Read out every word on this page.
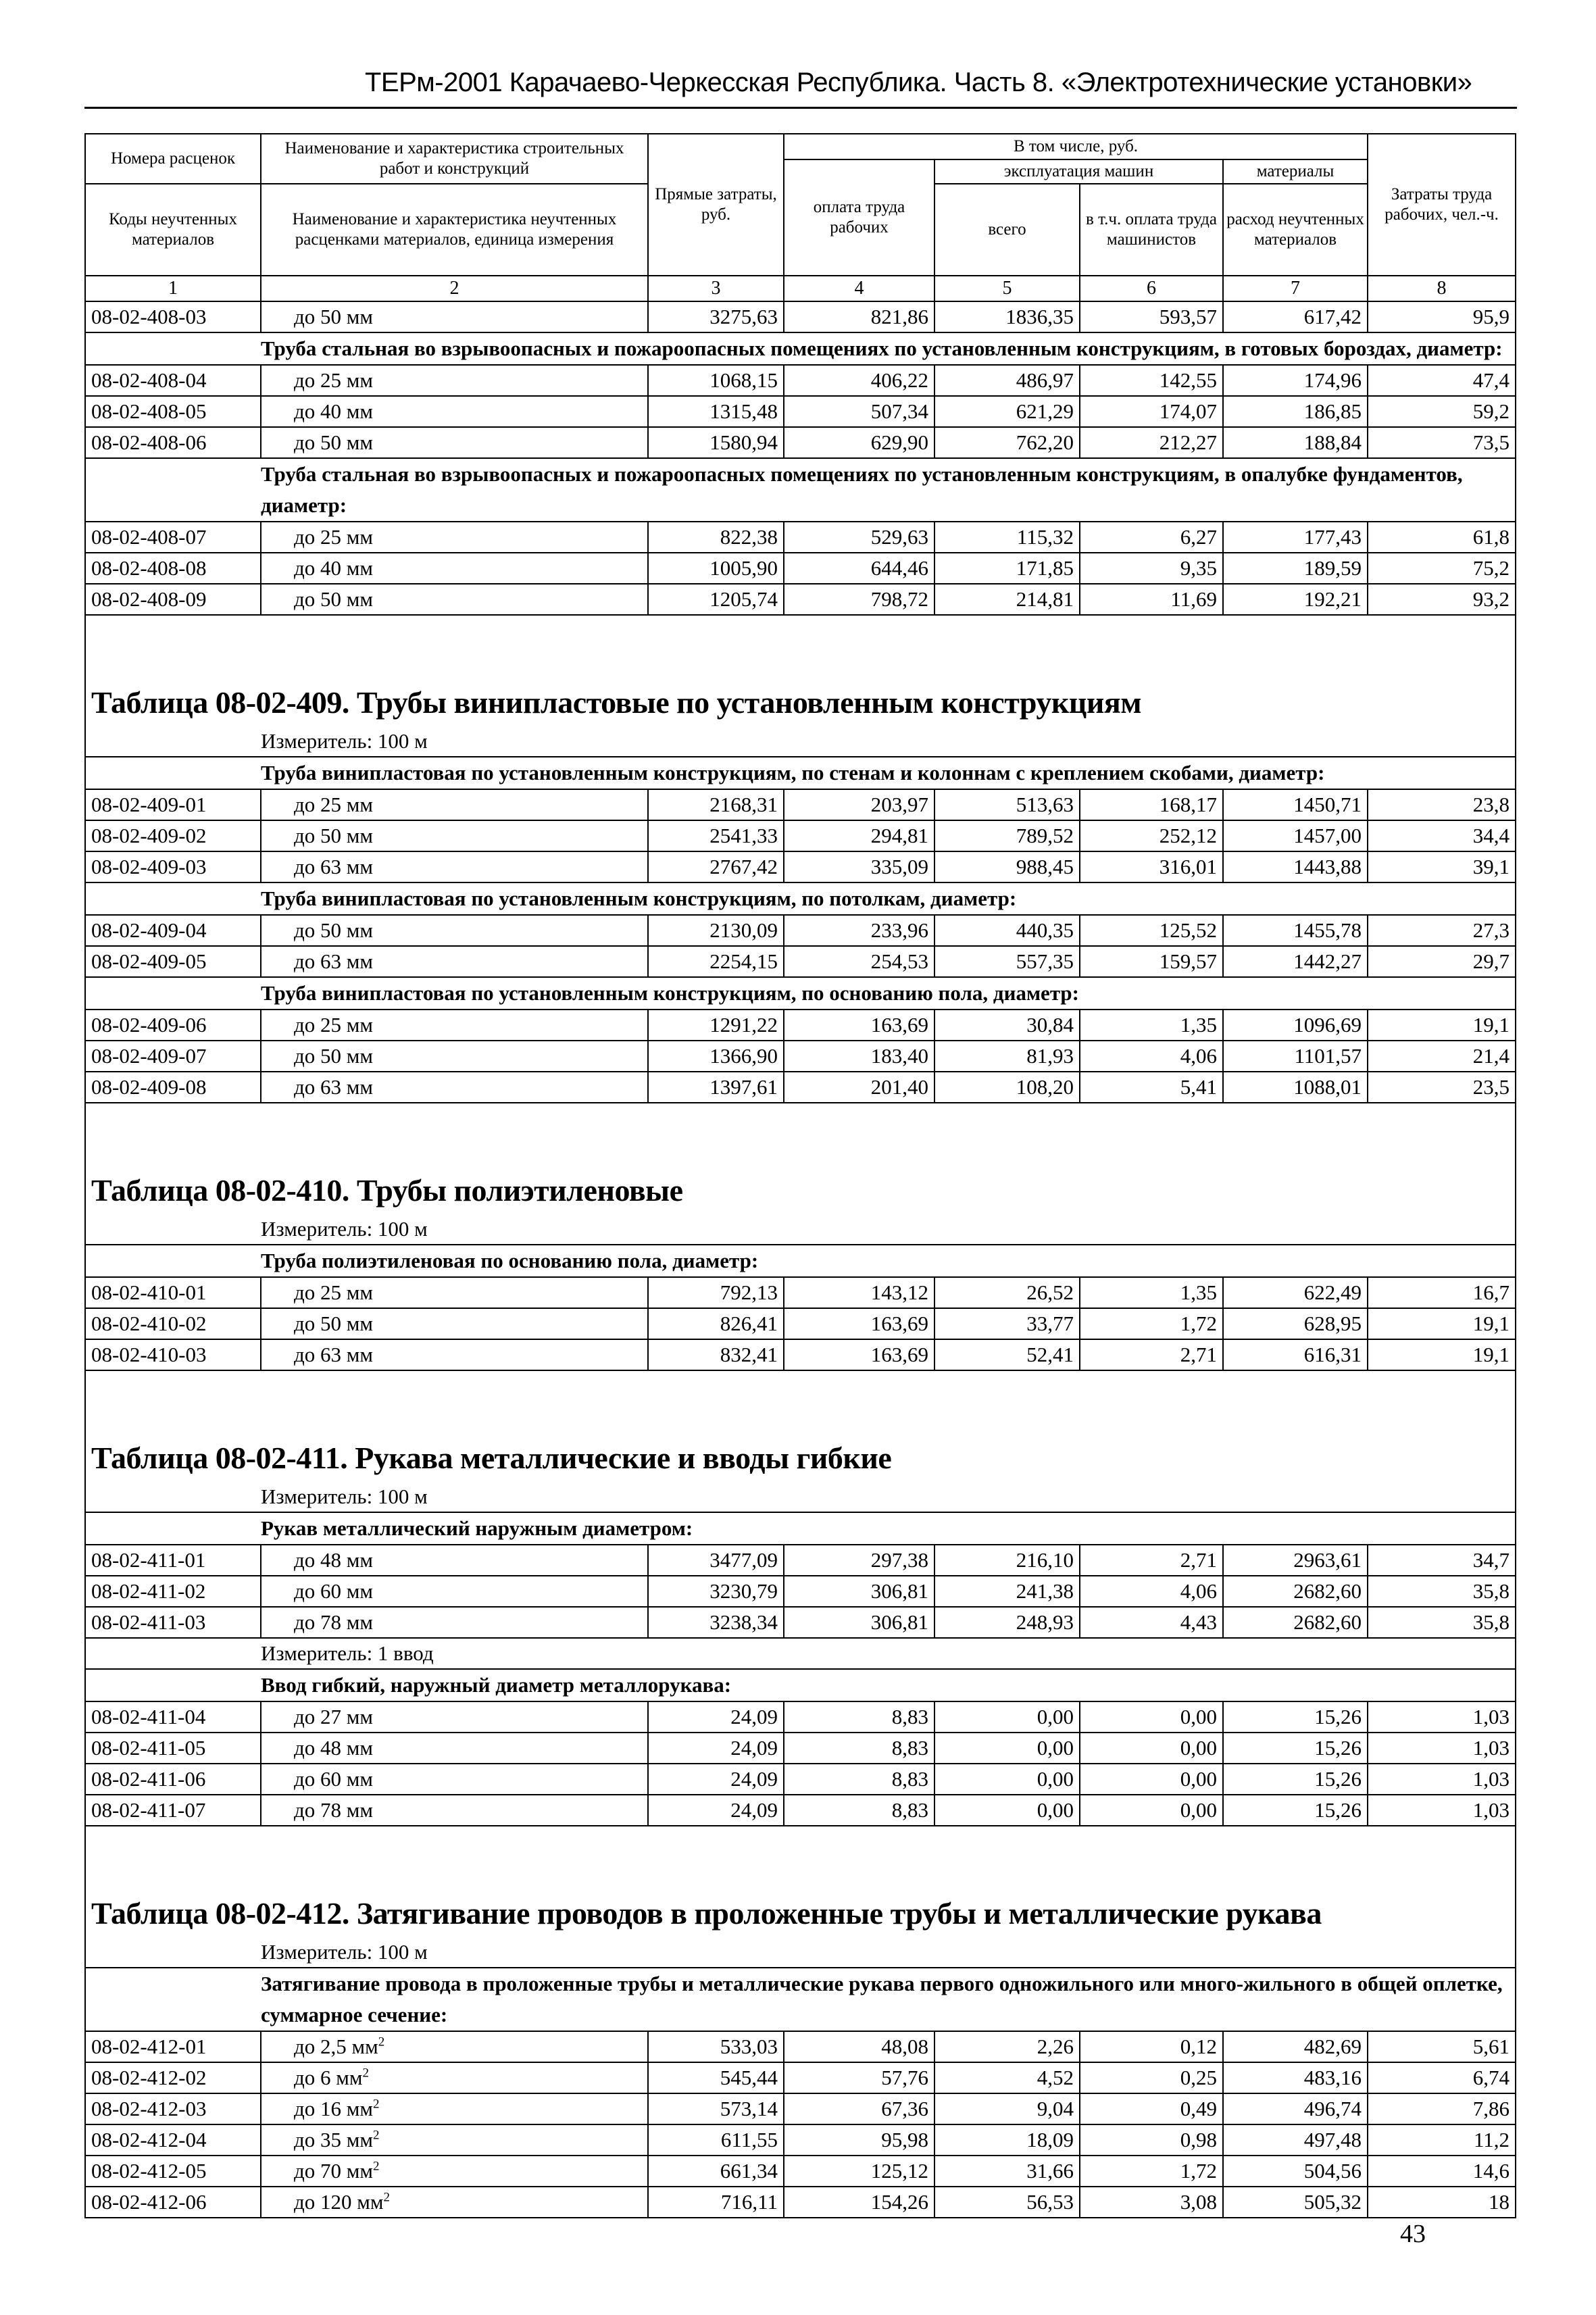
ТЕРм-2001 Карачаево-Черкесская Республика. Часть 8. «Электротехнические установки»
Номера расценок	Наименование и характеристика строительных работ и конструкций	Прямые затраты, руб.	В том числе, руб.				Затраты труда рабочих, чел.-ч.
			оплата труда рабочих	эксплуатация машин		материалы	
Коды неучтенных материалов	Наименование и характеристика неучтенных расценками материалов, единица измерения			всего	в т.ч. оплата труда машинистов	расход неучтенных материалов	

1	2	3	4	5	6	7	8
08-02-408-03	до 50 мм	3275,63	821,86	1836,35	593,57	617,42	95,9
	Труба стальная во взрывоопасных и пожароопасных помещениях по установленным конструкциям, в готовых бороздах, диаметр:						
08-02-408-04	до 25 мм	1068,15	406,22	486,97	142,55	174,96	47,4
08-02-408-05	до 40 мм	1315,48	507,34	621,29	174,07	186,85	59,2
08-02-408-06	до 50 мм	1580,94	629,90	762,20	212,27	188,84	73,5
	Труба стальная во взрывоопасных и пожароопасных помещениях по установленным конструкциям, в опалубке фундаментов, диаметр:						
08-02-408-07	до 25 мм	822,38	529,63	115,32	6,27	177,43	61,8
08-02-408-08	до 40 мм	1005,90	644,46	171,85	9,35	189,59	75,2
08-02-408-09	до 50 мм	1205,74	798,72	214,81	11,69	192,21	93,2
Таблица 08-02-409. Трубы винипластовые по установленным конструкциям							
	Измеритель: 100 м						
	Труба винипластовая по установленным конструкциям, по стенам и колоннам с креплением скобами, диаметр:						
08-02-409-01	до 25 мм	2168,31	203,97	513,63	168,17	1450,71	23,8
08-02-409-02	до 50 мм	2541,33	294,81	789,52	252,12	1457,00	34,4
08-02-409-03	до 63 мм	2767,42	335,09	988,45	316,01	1443,88	39,1
	Труба винипластовая по установленным конструкциям, по потолкам, диаметр:						
08-02-409-04	до 50 мм	2130,09	233,96	440,35	125,52	1455,78	27,3
08-02-409-05	до 63 мм	2254,15	254,53	557,35	159,57	1442,27	29,7
	Труба винипластовая по установленным конструкциям, по основанию пола, диаметр:						
08-02-409-06	до 25 мм	1291,22	163,69	30,84	1,35	1096,69	19,1
08-02-409-07	до 50 мм	1366,90	183,40	81,93	4,06	1101,57	21,4
08-02-409-08	до 63 мм	1397,61	201,40	108,20	5,41	1088,01	23,5
Таблица 08-02-410. Трубы полиэтиленовые							
	Измеритель: 100 м						
	Труба полиэтиленовая по основанию пола, диаметр:						
08-02-410-01	до 25 мм	792,13	143,12	26,52	1,35	622,49	16,7
08-02-410-02	до 50 мм	826,41	163,69	33,77	1,72	628,95	19,1
08-02-410-03	до 63 мм	832,41	163,69	52,41	2,71	616,31	19,1
Таблица 08-02-411. Рукава металлические и вводы гибкие							
	Измеритель: 100 м						
	Рукав металлический наружным диаметром:						
08-02-411-01	до 48 мм	3477,09	297,38	216,10	2,71	2963,61	34,7
08-02-411-02	до 60 мм	3230,79	306,81	241,38	4,06	2682,60	35,8
08-02-411-03	до 78 мм	3238,34	306,81	248,93	4,43	2682,60	35,8
	Измеритель: 1 ввод						
	Ввод гибкий, наружный диаметр металлорукава:						
08-02-411-04	до 27 мм	24,09	8,83	0,00	0,00	15,26	1,03
08-02-411-05	до 48 мм	24,09	8,83	0,00	0,00	15,26	1,03
08-02-411-06	до 60 мм	24,09	8,83	0,00	0,00	15,26	1,03
08-02-411-07	до 78 мм	24,09	8,83	0,00	0,00	15,26	1,03
Таблица 08-02-412. Затягивание проводов в проложенные трубы и металлические рукава							
	Измеритель: 100 м						
	Затягивание провода в проложенные трубы и металлические рукава первого одножильного или много-жильного в общей оплетке, суммарное сечение:						
08-02-412-01	до 2,5 $мм^2$	533,03	48,08	2,26	0,12	482,69	5,61
08-02-412-02	до 6 $мм^2$	545,44	57,76	4,52	0,25	483,16	6,74
08-02-412-03	до 16 $мм^2$	573,14	67,36	9,04	0,49	496,74	7,86
08-02-412-04	до 35 $мм^2$	611,55	95,98	18,09	0,98	497,48	11,2
08-02-412-05	до 70 $мм^2$	661,34	125,12	31,66	1,72	504,56	14,6
08-02-412-06	до 120 $мм^2$	716,11	154,26	56,53	3,08	505,32	18
43
